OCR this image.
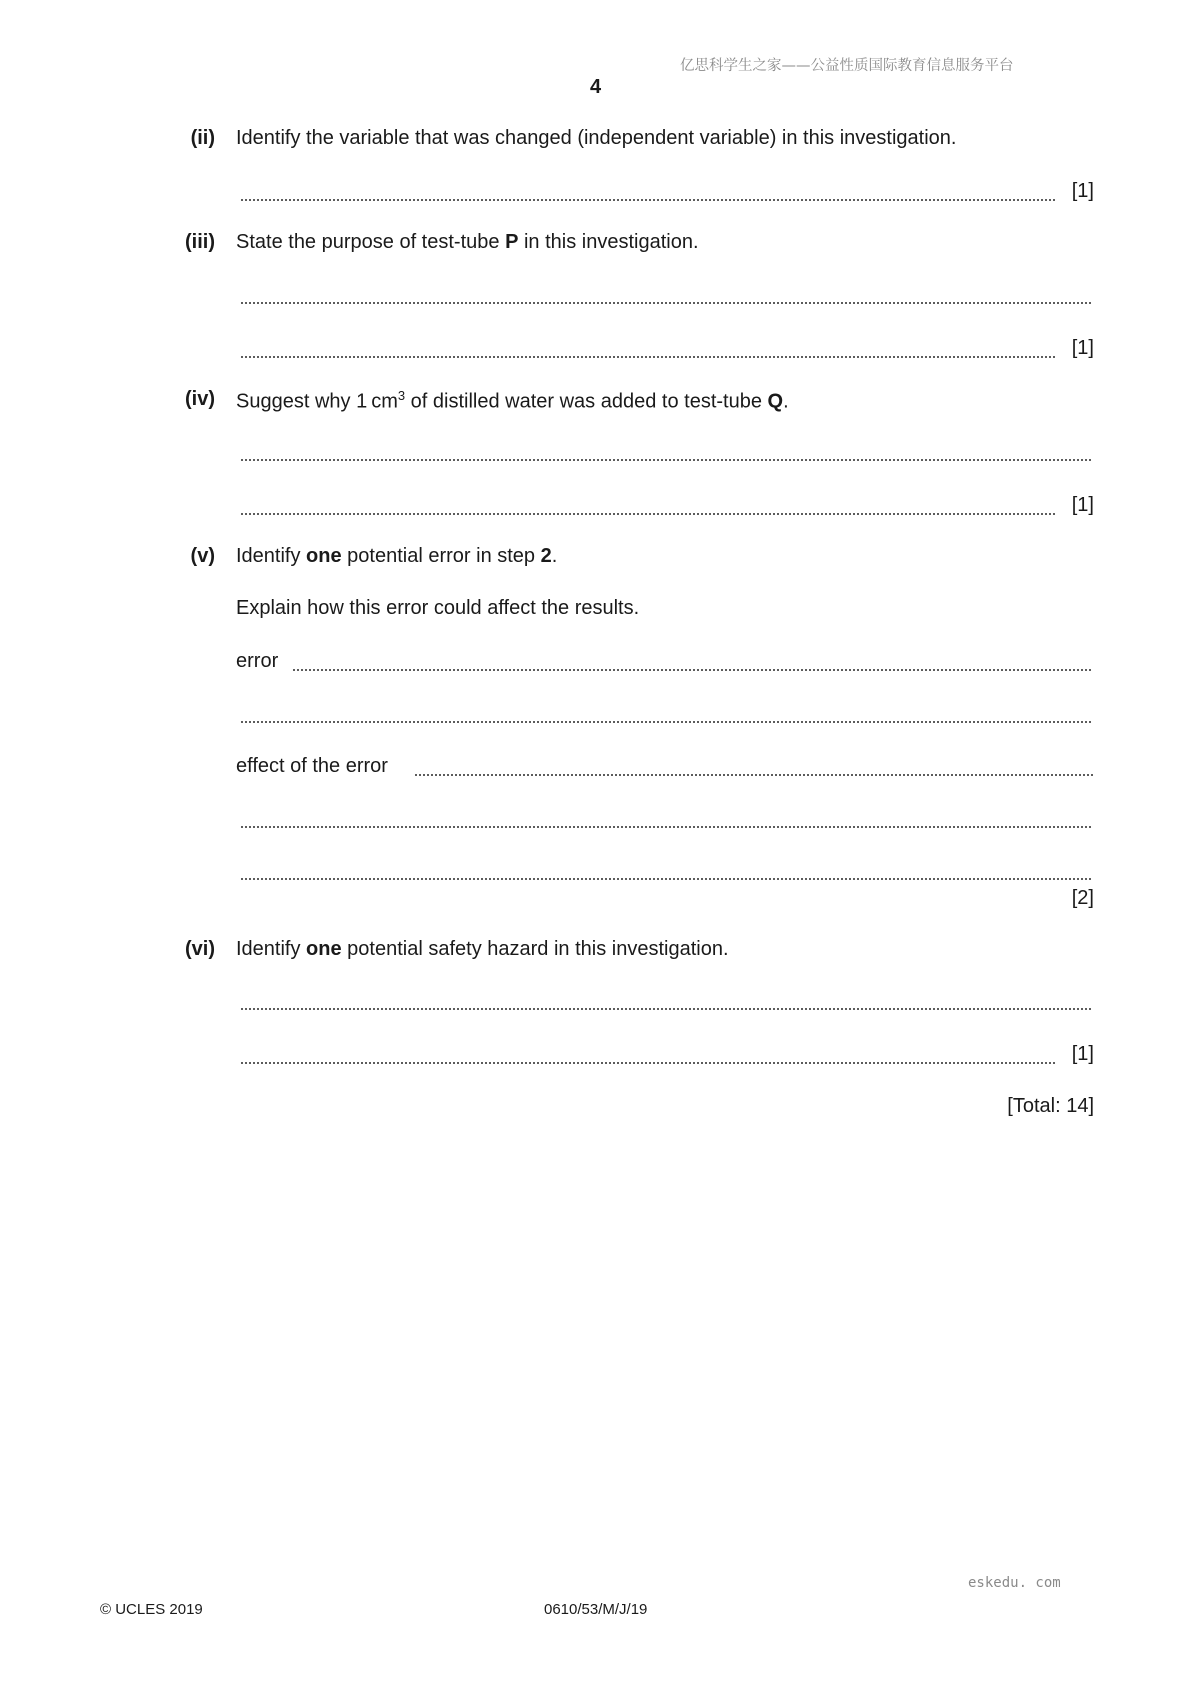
亿思科学生之家——公益性质国际教育信息服务平台
4
(ii) Identify the variable that was changed (independent variable) in this investigation.
[1]
(iii) State the purpose of test-tube P in this investigation.
[1]
(iv) Suggest why 1 $cm^3$ of distilled water was added to test-tube Q.
[1]
(v) Identify one potential error in step 2.
Explain how this error could affect the results.
error
effect of the error
[2]
(vi) Identify one potential safety hazard in this investigation.
[1]
[Total: 14]
eskedu. com
© UCLES 2019	0610/53/M/J/19
